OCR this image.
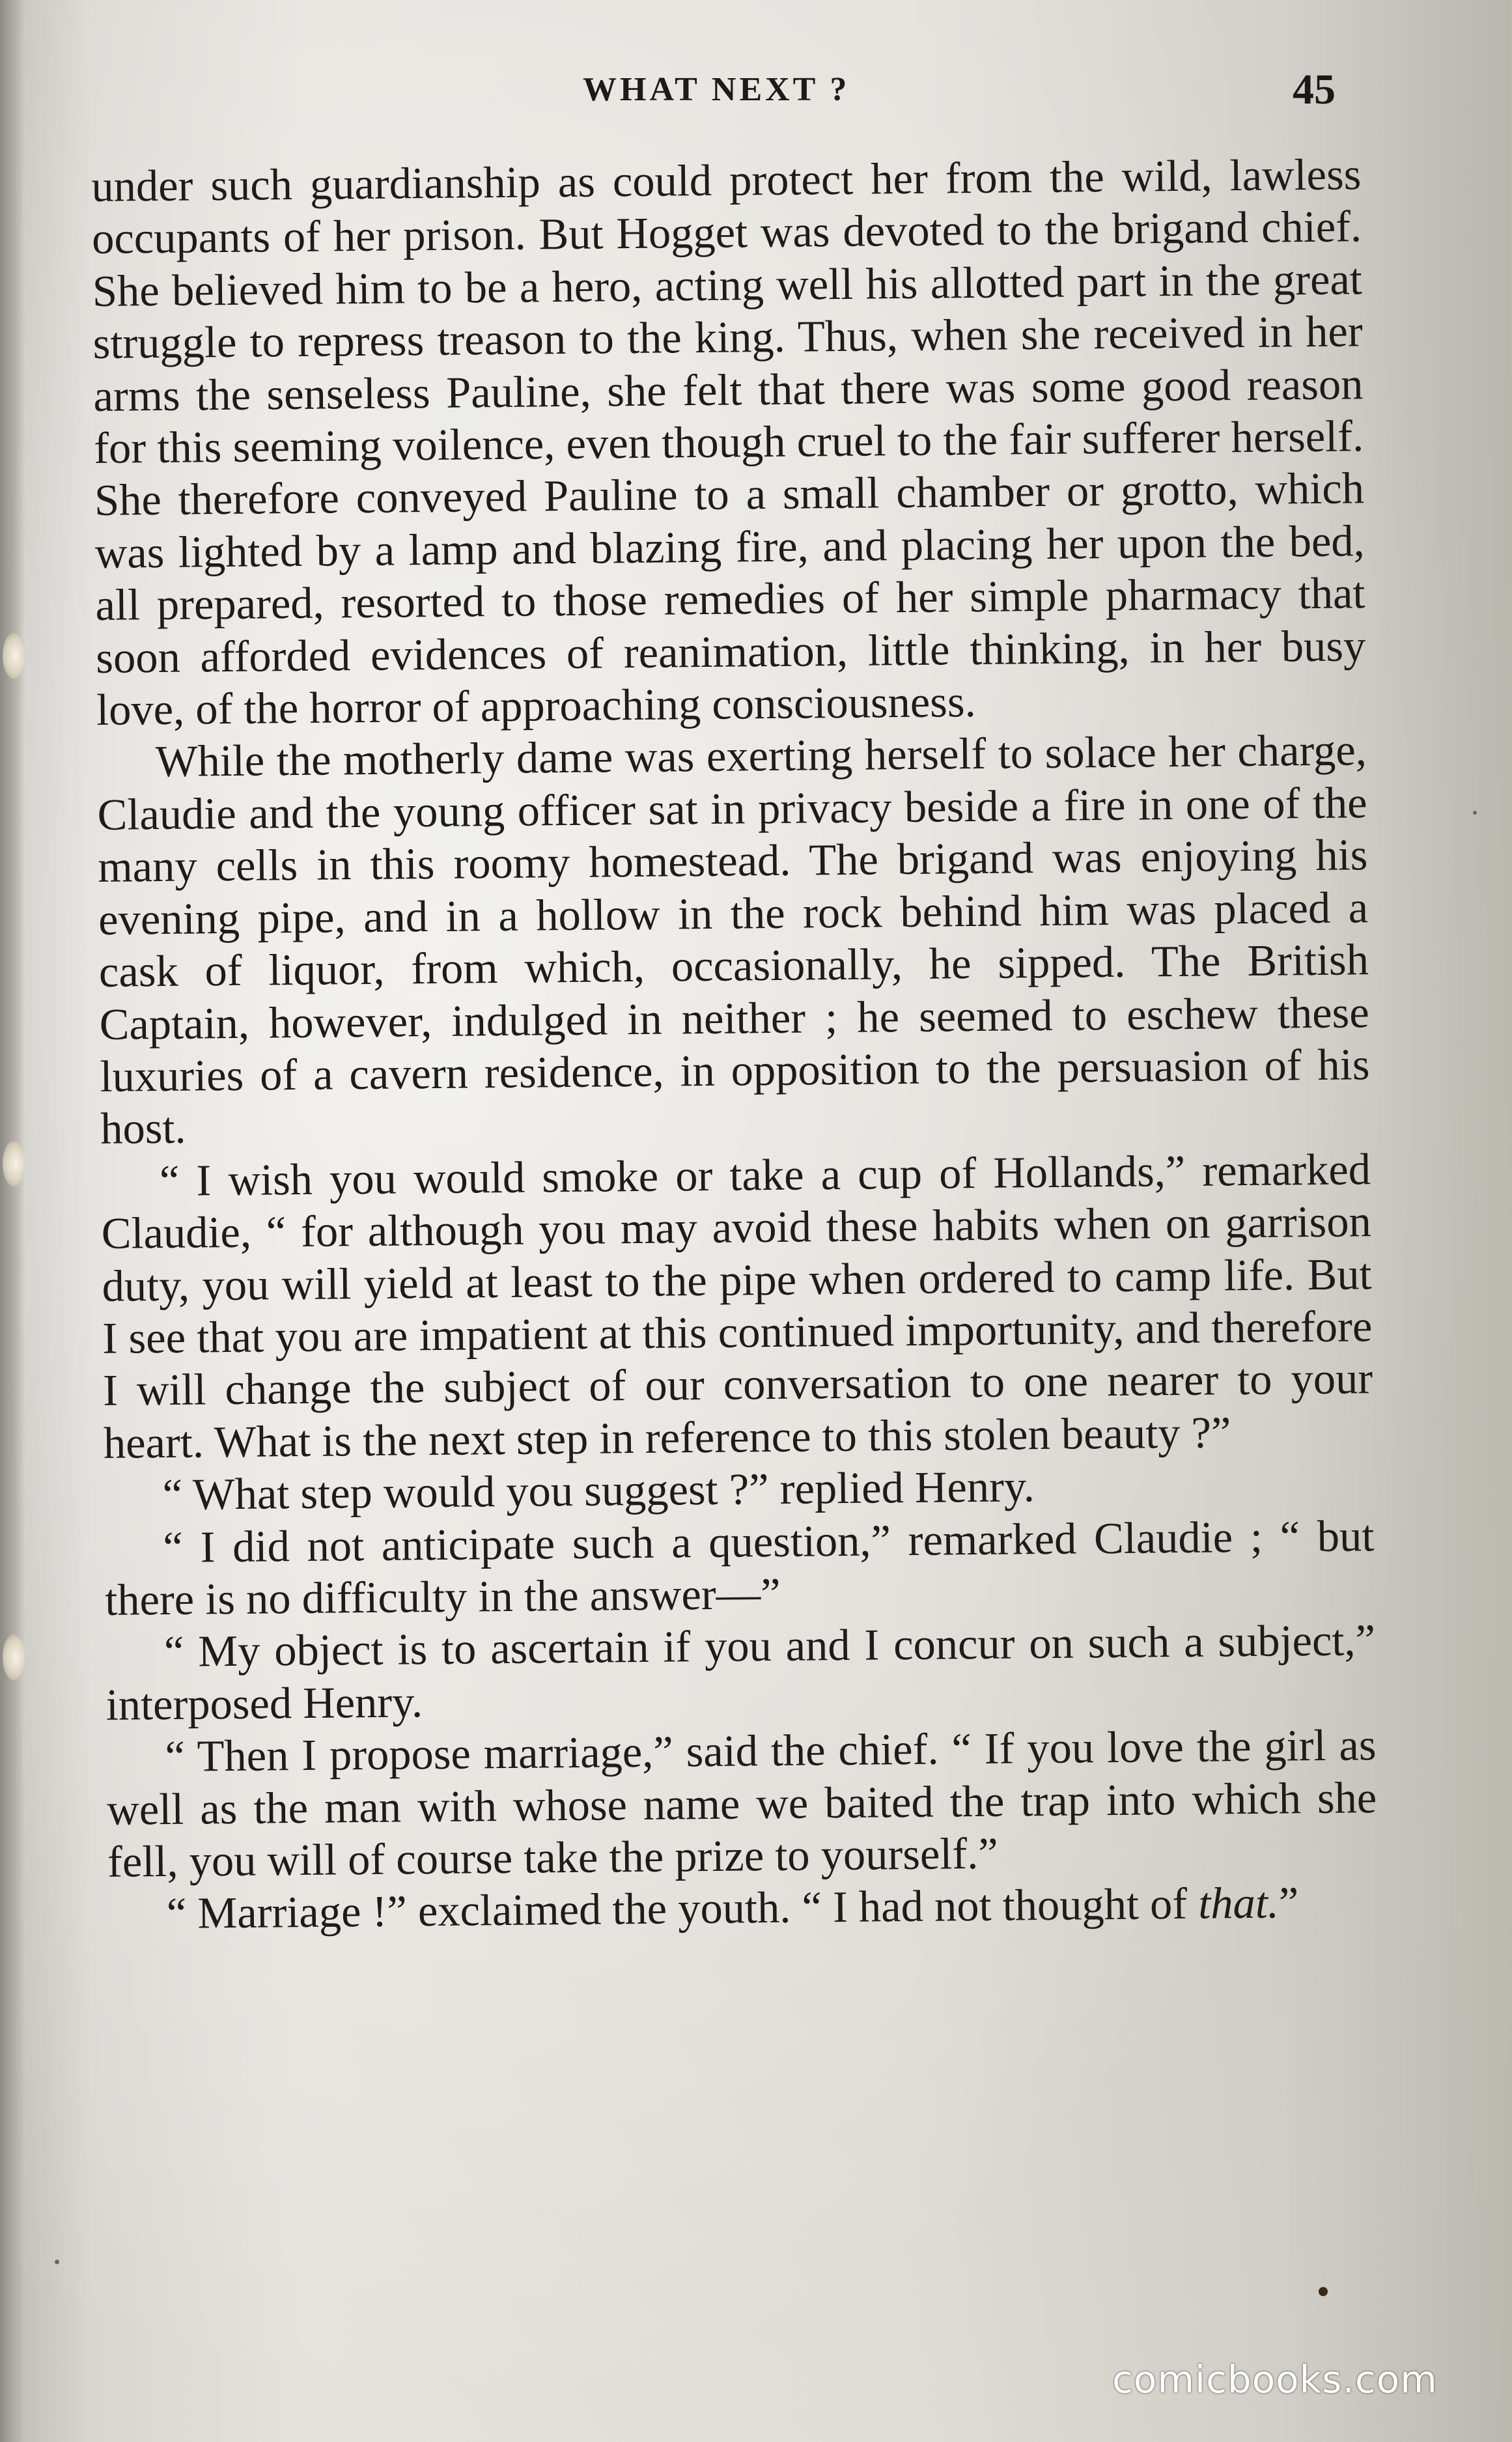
WHAT NEXT ?	45

under such guardianship as could protect her from the wild, lawless occupants of her prison. But Hogget was devoted to the brigand chief. She believed him to be a hero, acting well his allotted part in the great struggle to repress treason to the king. Thus, when she received in her arms the senseless Pauline, she felt that there was some good reason for this seeming voilence, even though cruel to the fair sufferer herself. She therefore conveyed Pauline to a small chamber or grotto, which was lighted by a lamp and blazing fire, and placing her upon the bed, all prepared, resorted to those remedies of her simple pharmacy that soon afforded evidences of reanimation, little thinking, in her busy love, of the horror of approaching consciousness.

While the motherly dame was exerting herself to solace her charge, Claudie and the young officer sat in privacy beside a fire in one of the many cells in this roomy homestead. The brigand was enjoying his evening pipe, and in a hollow in the rock behind him was placed a cask of liquor, from which, occasionally, he sipped. The British Captain, however, indulged in neither ; he seemed to eschew these luxuries of a cavern residence, in opposition to the persuasion of his host.

“ I wish you would smoke or take a cup of Hollands,” remarked Claudie, “ for although you may avoid these habits when on garrison duty, you will yield at least to the pipe when ordered to camp life. But I see that you are impatient at this continued importunity, and therefore I will change the subject of our conversation to one nearer to your heart. What is the next step in reference to this stolen beauty ?”

“ What step would you suggest ?” replied Henry.

“ I did not anticipate such a question,” remarked Claudie ; “ but there is no difficulty in the answer—”

“ My object is to ascertain if you and I concur on such a subject,” interposed Henry.

“ Then I propose marriage,” said the chief. “ If you love the girl as well as the man with whose name we baited the trap into which she fell, you will of course take the prize to yourself.”

“ Marriage !” exclaimed the youth. “ I had not thought of that.”

comicbooks.com
